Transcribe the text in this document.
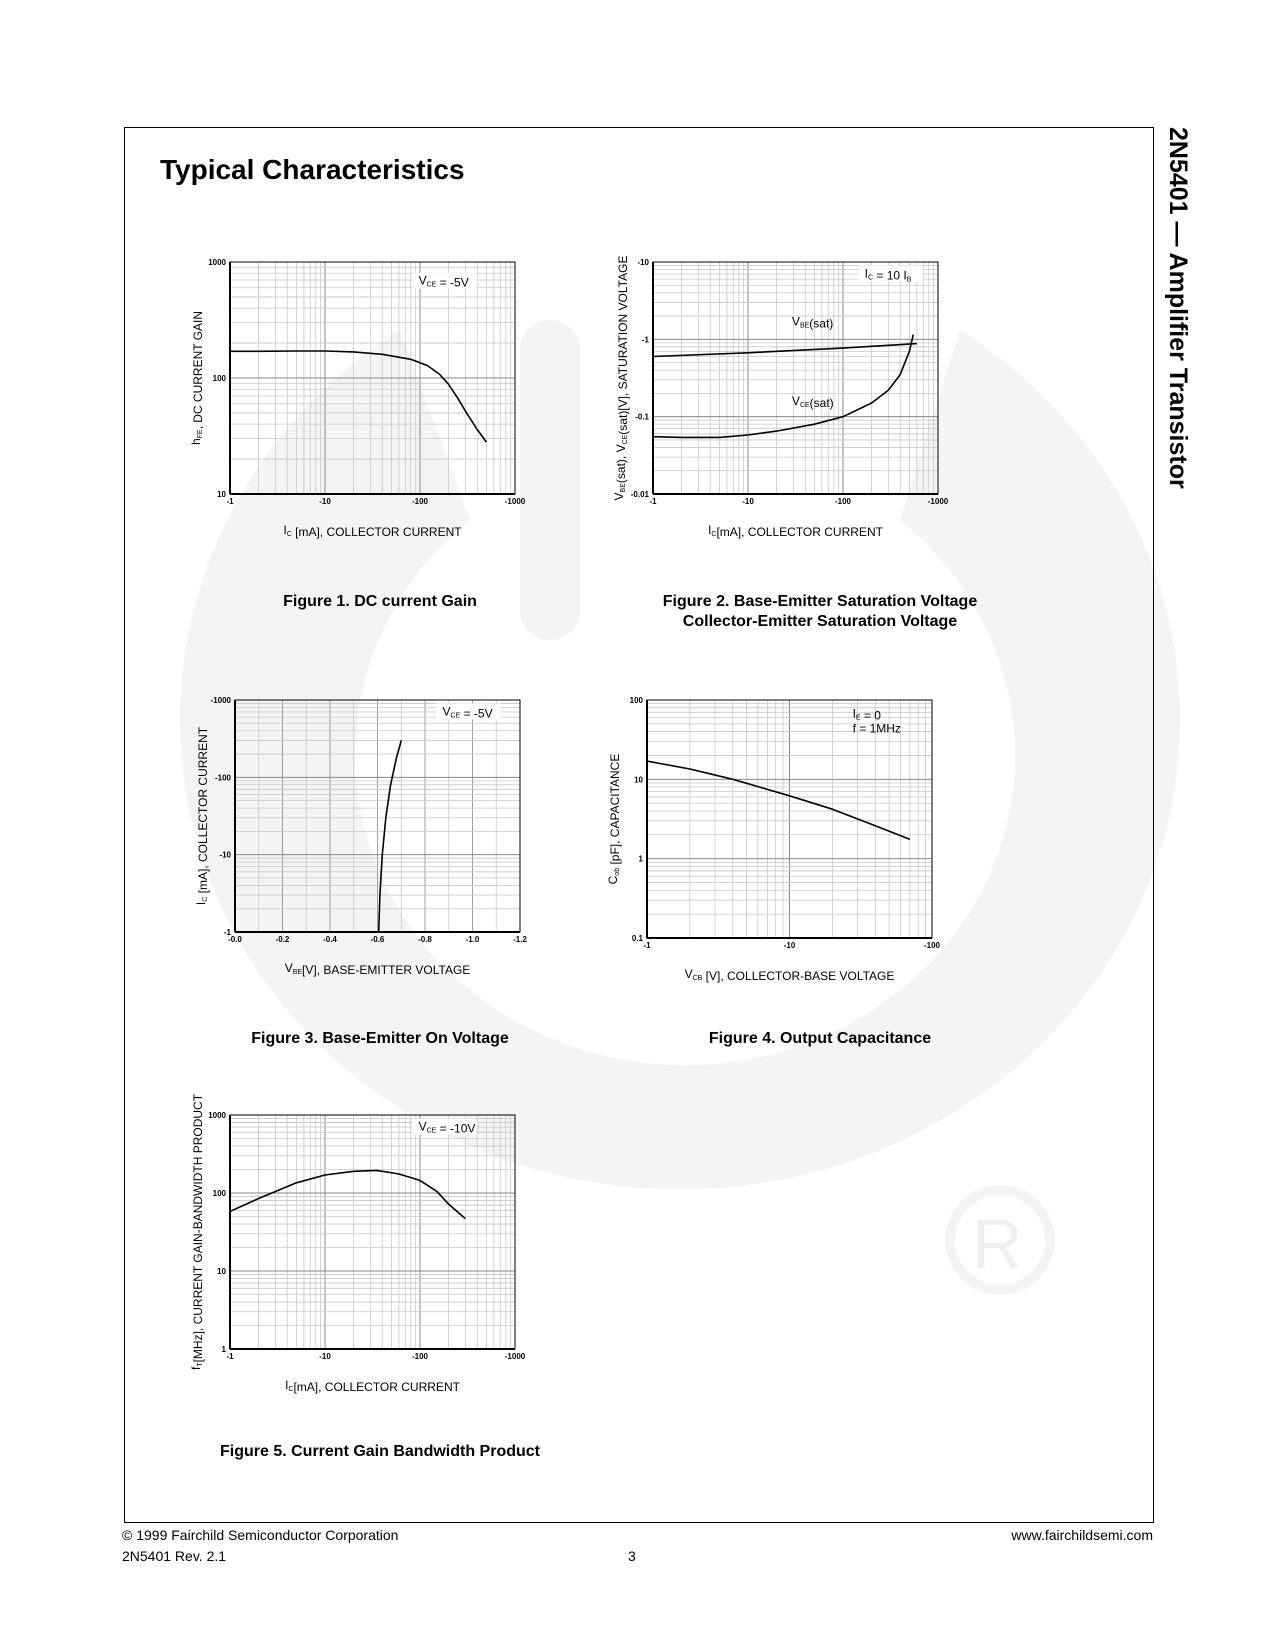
R
Typical Characteristics	2N5401 — Amplifier Transistor
-1	-10	-100	-1000
10
100
1000
VCE = -5V
IC [mA], COLLECTOR CURRENT
hFE, DC CURRENT GAIN
-1	-10	-100	-1000
-0.01
-0.1
-1
-10
IC = 10 IB
VBE(sat)
VCE(sat)
IC[mA], COLLECTOR CURRENT
VBE(sat), VCE(sat)[V], SATURATION VOLTAGE
-0.0	-0.2	-0.4	-0.6	-0.8	-1.0	-1.2
-1
-10
-100
-1000
VCE = -5V
VBE[V], BASE-EMITTER VOLTAGE
IC [mA], COLLECTOR CURRENT
-1	-10	-100
0.1
1
10
100
IE = 0
f = 1MHz
VCB [V], COLLECTOR-BASE VOLTAGE
Cob [pF], CAPACITANCE
-1	-10	-100	-1000
1
10
100
1000
VCE = -10V
IC[mA], COLLECTOR CURRENT
fT[MHz], CURRENT GAIN-BANDWIDTH PRODUCT
Figure 1. DC current Gain	Figure 2. Base-Emitter Saturation Voltage
Collector-Emitter Saturation Voltage
Figure 3. Base-Emitter On Voltage	Figure 4. Output Capacitance
Figure 5. Current Gain Bandwidth Product
© 1999 Fairchild Semiconductor Corporation
2N5401 Rev. 2.1	3
www.fairchildsemi.com
